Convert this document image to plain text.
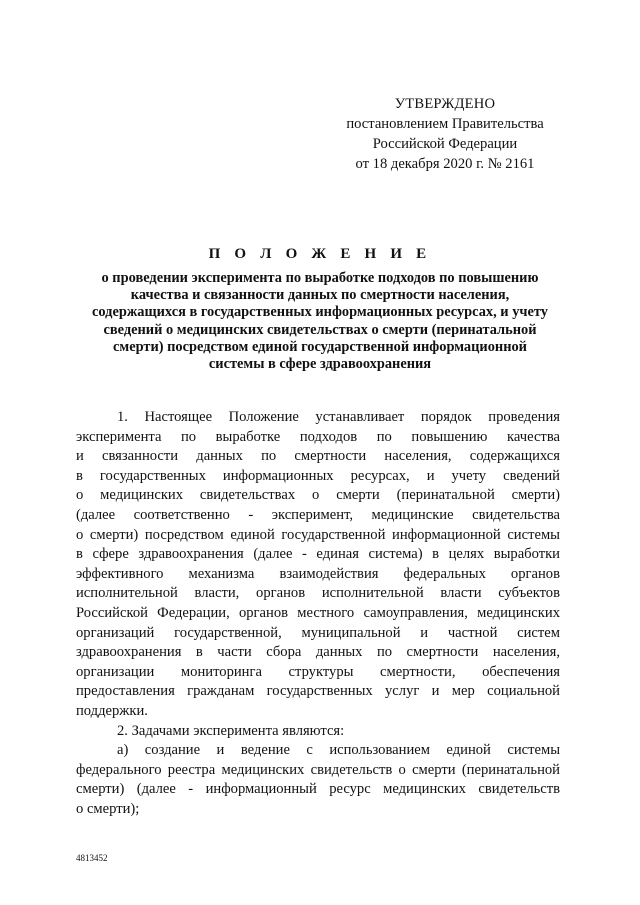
УТВЕРЖДЕНО
постановлением Правительства
Российской Федерации
от 18 декабря 2020 г. № 2161
П О Л О Ж Е Н И Е
о проведении эксперимента по выработке подходов по повышению
качества и связанности данных по смертности населения,
содержащихся в государственных информационных ресурсах, и учету
сведений о медицинских свидетельствах о смерти (перинатальной
смерти) посредством единой государственной информационной
системы в сфере здравоохранения
1. Настоящее Положение устанавливает порядок проведения
эксперимента по выработке подходов по повышению качества
и связанности данных по смертности населения, содержащихся
в государственных информационных ресурсах, и учету сведений
о медицинских свидетельствах о смерти (перинатальной смерти)
(далее соответственно - эксперимент, медицинские свидетельства
о смерти) посредством единой государственной информационной системы
в сфере здравоохранения (далее - единая система) в целях выработки
эффективного механизма взаимодействия федеральных органов
исполнительной власти, органов исполнительной власти субъектов
Российской Федерации, органов местного самоуправления, медицинских
организаций государственной, муниципальной и частной систем
здравоохранения в части сбора данных по смертности населения,
организации мониторинга структуры смертности, обеспечения
предоставления гражданам государственных услуг и мер социальной
поддержки.
2. Задачами эксперимента являются:
а) создание и ведение с использованием единой системы
федерального реестра медицинских свидетельств о смерти (перинатальной
смерти) (далее - информационный ресурс медицинских свидетельств
о смерти);
4813452
